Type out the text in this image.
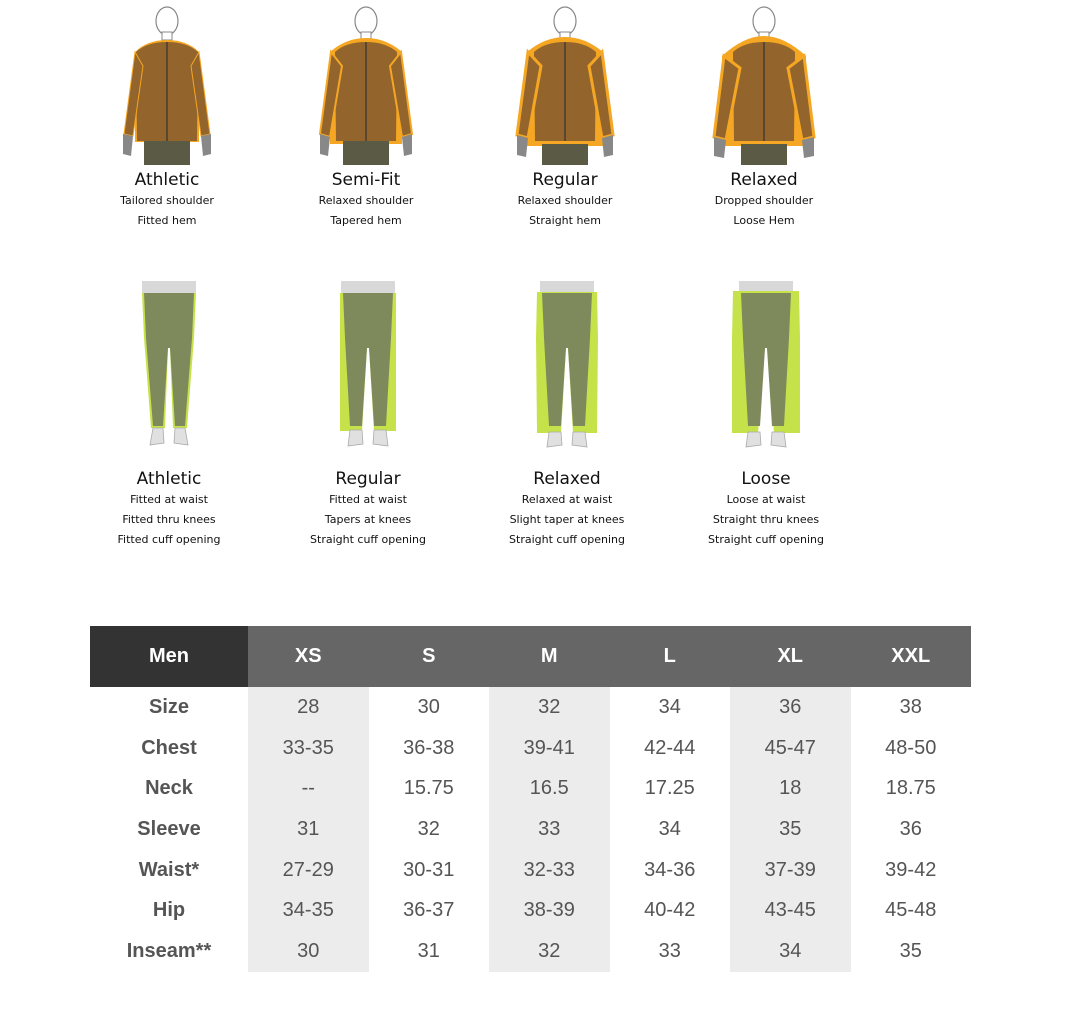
Athletic
Tailored shoulder
Fitted hem
Semi-Fit
Relaxed shoulder
Tapered hem
Regular
Relaxed shoulder
Straight hem
Relaxed
Dropped shoulder
Loose Hem
Athletic
Fitted at waist
Fitted thru knees
Fitted cuff opening
Regular
Fitted at waist
Tapers at knees
Straight cuff opening
Relaxed
Relaxed at waist
Slight taper at knees
Straight cuff opening
Loose
Loose at waist
Straight thru knees
Straight cuff opening
Men	XS	S	M	L	XL	XXL
Size	28	30	32	34	36	38
Chest	33-35	36-38	39-41	42-44	45-47	48-50
Neck	--	15.75	16.5	17.25	18	18.75
Sleeve	31	32	33	34	35	36
Waist*	27-29	30-31	32-33	34-36	37-39	39-42
Hip	34-35	36-37	38-39	40-42	43-45	45-48
Inseam**	30	31	32	33	34	35
